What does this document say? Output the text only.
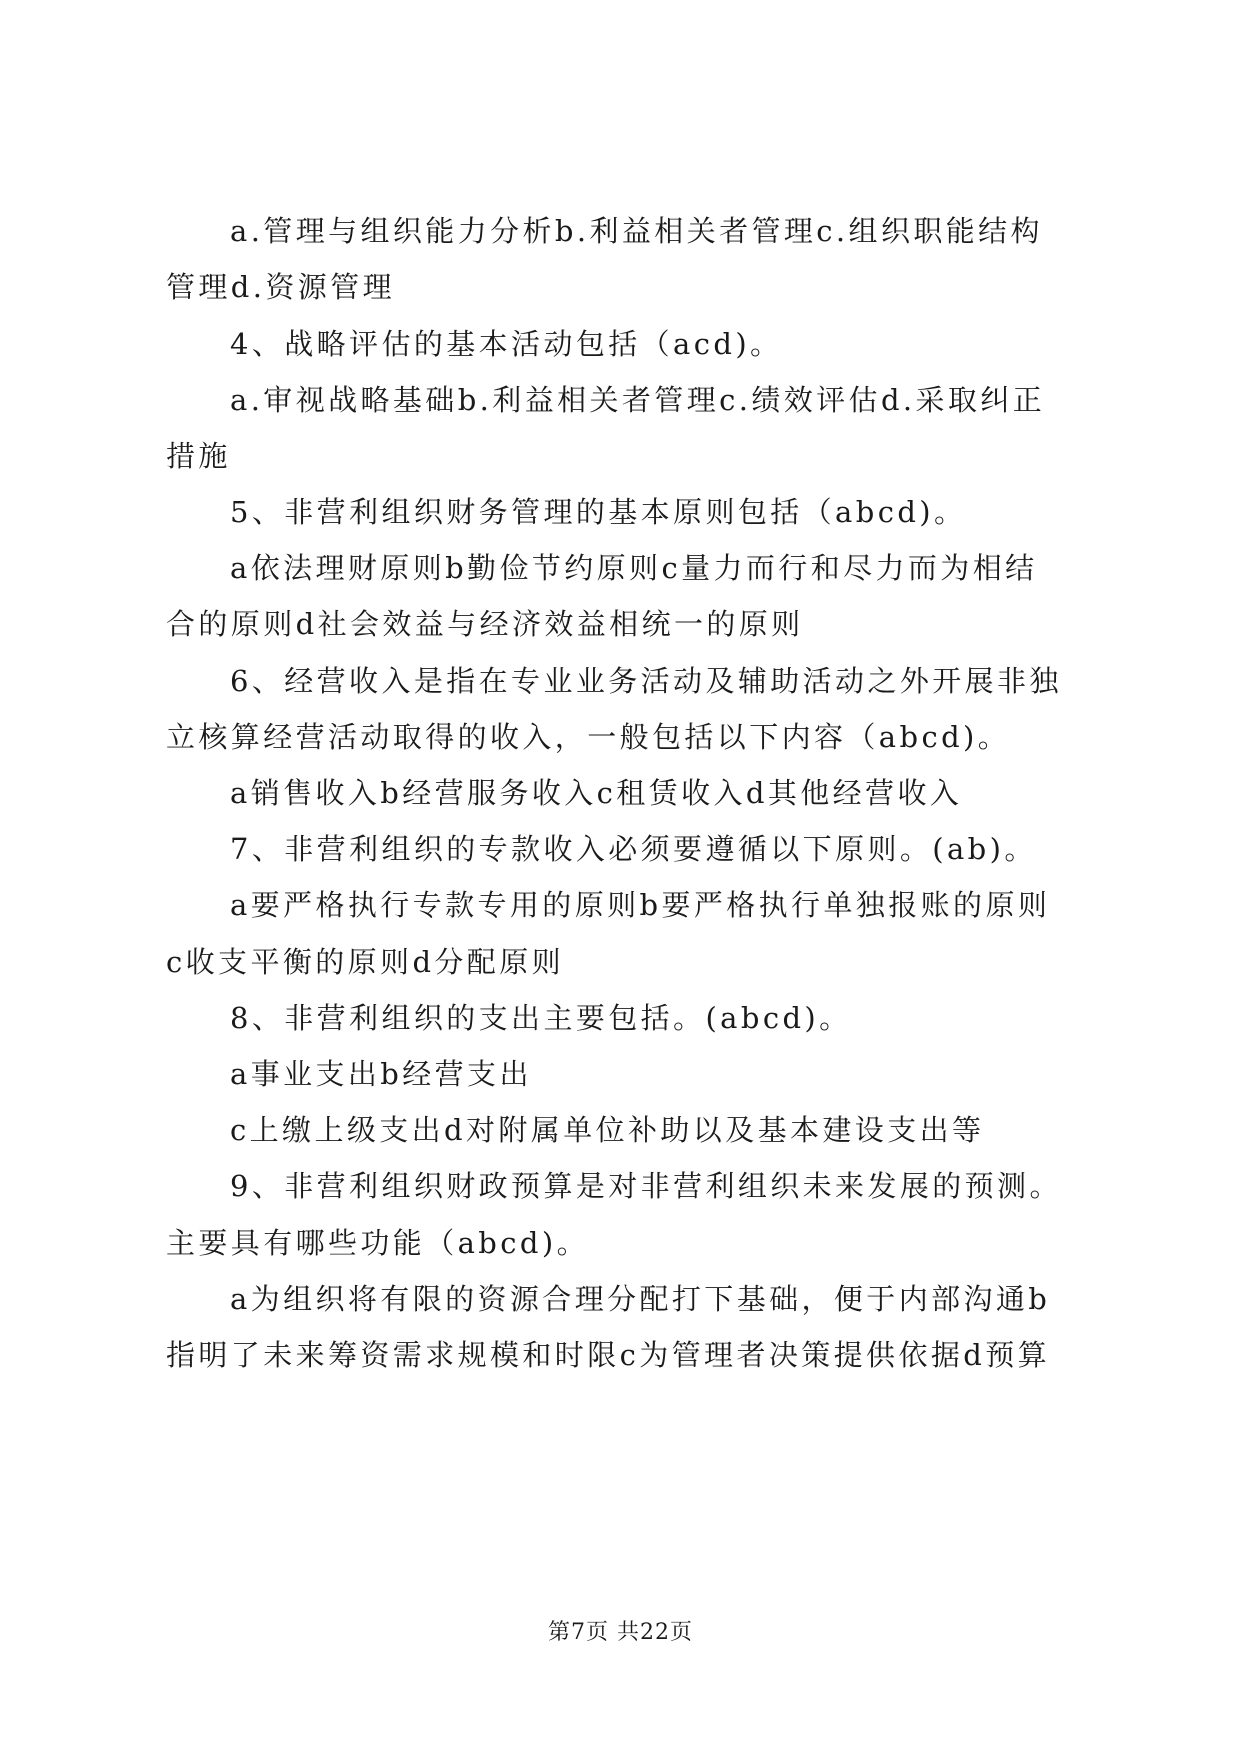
a.管理与组织能力分析b.利益相关者管理c.组织职能结构
管理d.资源管理
4、战略评估的基本活动包括（acd)。
a.审视战略基础b.利益相关者管理c.绩效评估d.采取纠正
措施
5、非营利组织财务管理的基本原则包括（abcd)。
a依法理财原则b勤俭节约原则c量力而行和尽力而为相结
合的原则d社会效益与经济效益相统一的原则
6、经营收入是指在专业业务活动及辅助活动之外开展非独
立核算经营活动取得的收入，一般包括以下内容（abcd)。
a销售收入b经营服务收入c租赁收入d其他经营收入
7、非营利组织的专款收入必须要遵循以下原则。(ab)。
a要严格执行专款专用的原则b要严格执行单独报账的原则
c收支平衡的原则d分配原则
8、非营利组织的支出主要包括。(abcd)。
a事业支出b经营支出
c上缴上级支出d对附属单位补助以及基本建设支出等
9、非营利组织财政预算是对非营利组织未来发展的预测。
主要具有哪些功能（abcd)。
a为组织将有限的资源合理分配打下基础，便于内部沟通b
指明了未来筹资需求规模和时限c为管理者决策提供依据d预算
第7页 共22页
